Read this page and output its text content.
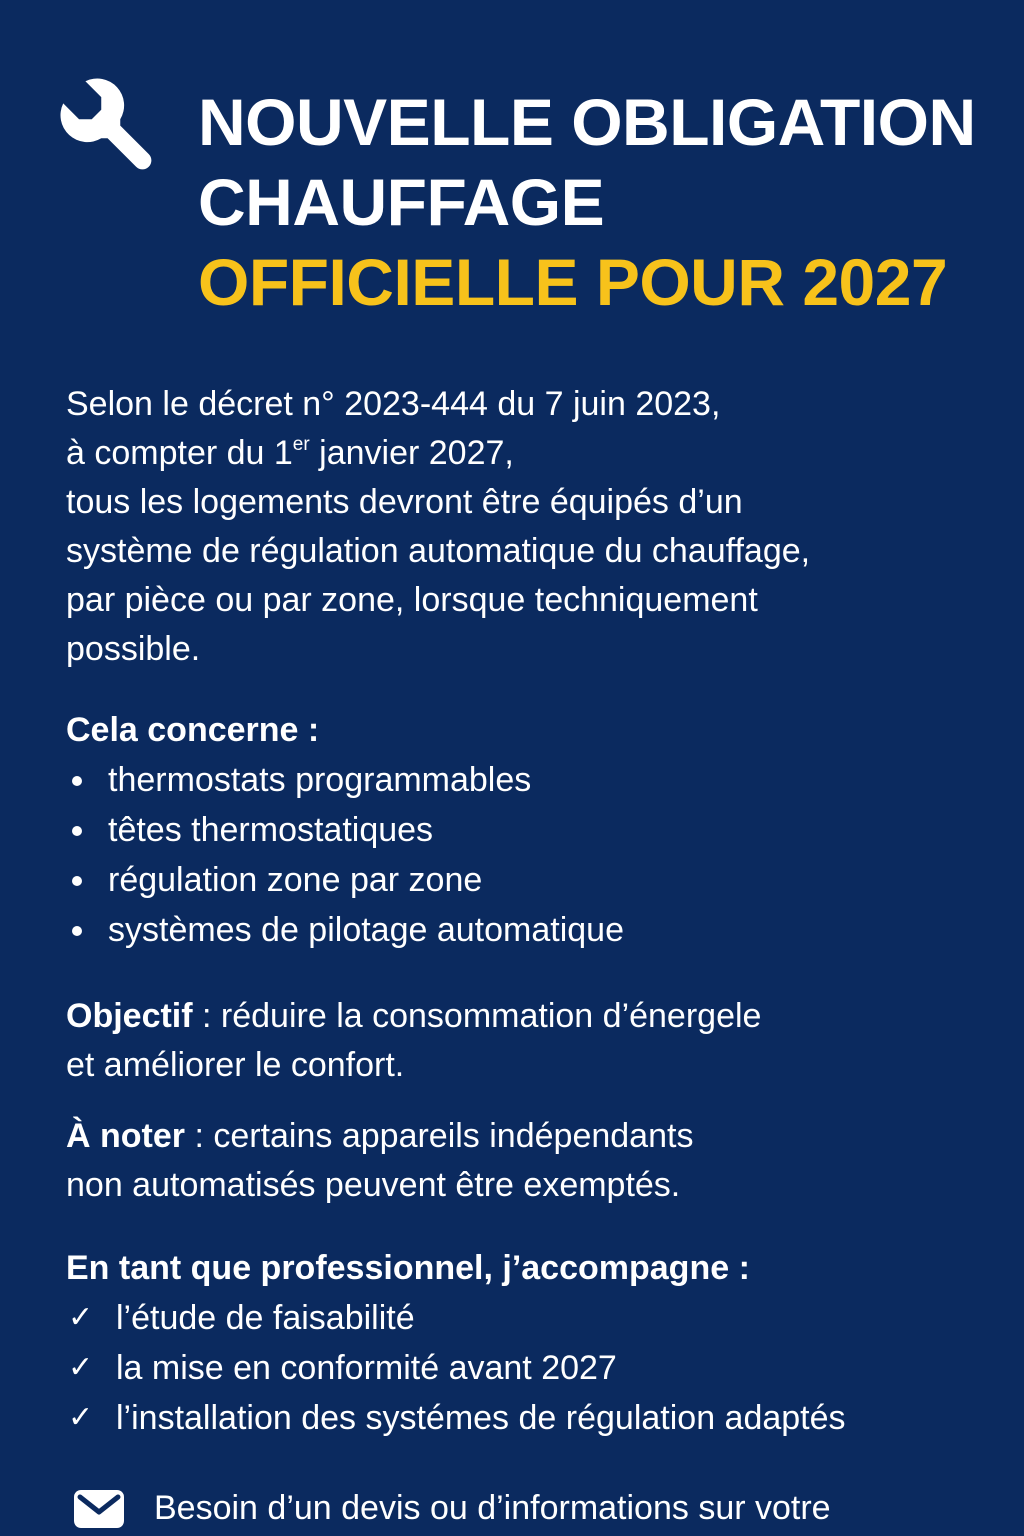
NOUVELLE OBLIGATION
CHAUFFAGE
OFFICIELLE POUR 2027
Selon le décret n° 2023-444 du 7 juin 2023,
à compter du 1er janvier 2027,
tous les logements devront être équipés d’un
système de régulation automatique du chauffage,
par pièce ou par zone, lorsque techniquement
possible.
Cela concerne :
thermostats programmables
têtes thermostatiques
régulation zone par zone
systèmes de pilotage automatique
Objectif : réduire la consommation d’énergele
et améliorer le confort.
À noter : certains appareils indépendants
non automatisés peuvent être exemptés.
En tant que professionnel, j’accompagne :
✓ l’étude de faisabilité
✓ la mise en conformité avant 2027
✓ l’installation des systémes de régulation adaptés
Besoin d’un devis ou d’informations sur votre
